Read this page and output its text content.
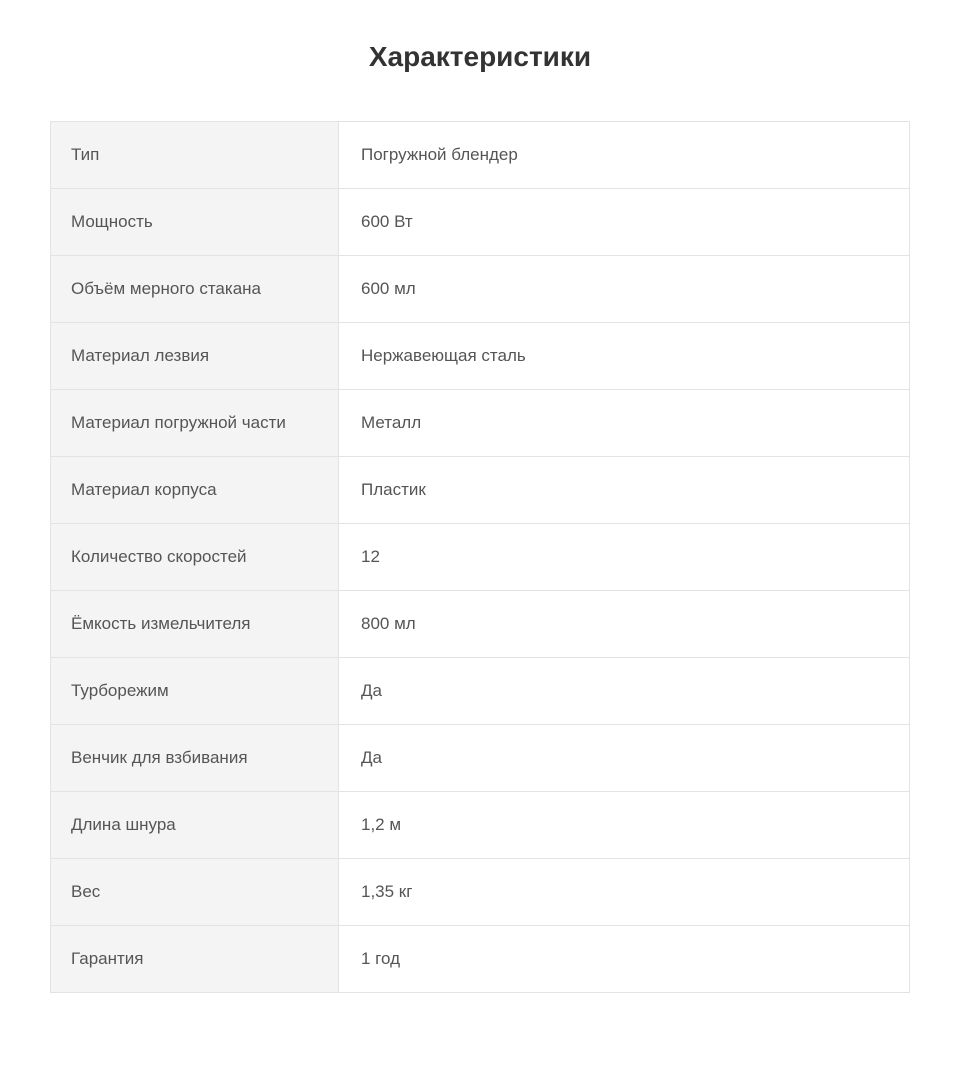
Характеристики
Тип	Погружной блендер
Мощность	600 Вт
Объём мерного стакана	600 мл
Материал лезвия	Нержавеющая сталь
Материал погружной части	Металл
Материал корпуса	Пластик
Количество скоростей	12
Ёмкость измельчителя	800 мл
Турборежим	Да
Венчик для взбивания	Да
Длина шнура	1,2 м
Вес	1,35 кг
Гарантия	1 год
